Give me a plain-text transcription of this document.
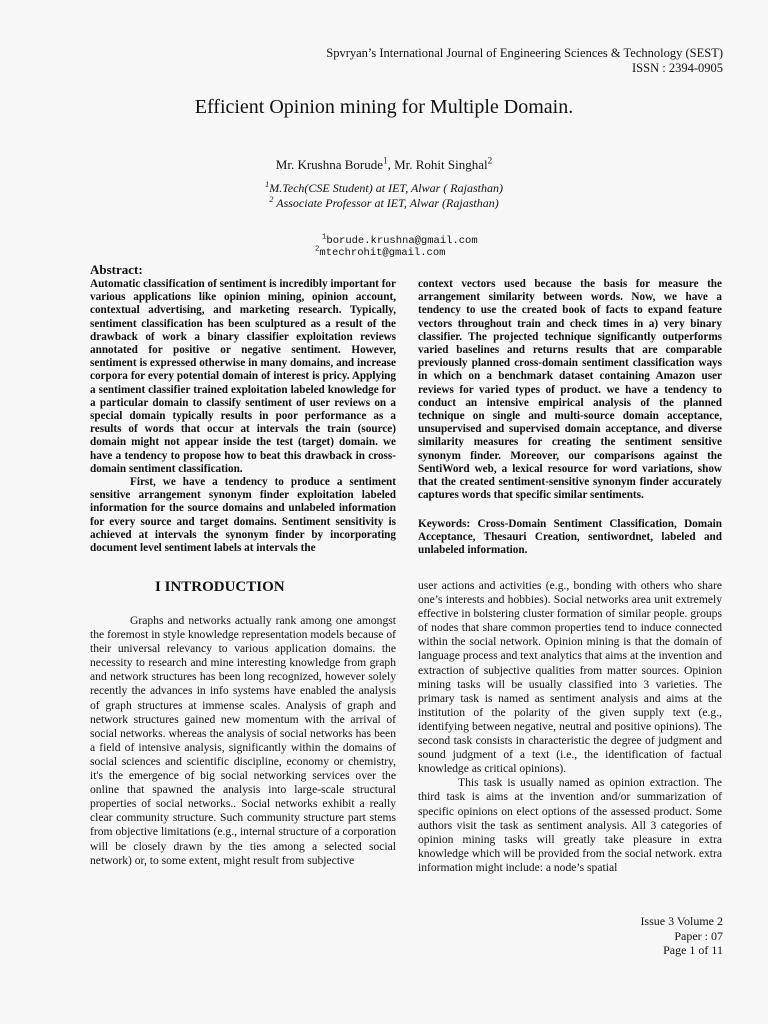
Spvryan’s International Journal of Engineering Sciences & Technology (SEST)
ISSN : 2394-0905
Efficient Opinion mining for Multiple Domain.
Mr. Krushna Borude$^1$, Mr. Rohit Singhal$^2$
$^1$M.Tech(CSE Student) at IET, Alwar ( Rajasthan)
$^2$ Associate Professor at IET, Alwar (Rajasthan)
$^1$borude.krushna@gmail.com
$^2$mtechrohit@gmail.com
Abstract:

Automatic classification of sentiment is incredibly important for various applications like opinion mining, opinion account, contextual advertising, and marketing research. Typically, sentiment classification has been sculptured as a result of the drawback of work a binary classifier exploitation reviews annotated for positive or negative sentiment. However, sentiment is expressed otherwise in many domains, and increase corpora for every potential domain of interest is pricy. Applying a sentiment classifier trained exploitation labeled knowledge for a particular domain to classify sentiment of user reviews on a special domain typically results in poor performance as a results of words that occur at intervals the train (source) domain might not appear inside the test (target) domain. we have a tendency to propose how to beat this drawback in cross-domain sentiment classification.

First, we have a tendency to produce a sentiment sensitive arrangement synonym finder exploitation labeled information for the source domains and unlabeled information for every source and target domains. Sentiment sensitivity is achieved at intervals the synonym finder by incorporating document level sentiment labels at intervals the

context vectors used because the basis for measure the arrangement similarity between words. Now, we have a tendency to use the created book of facts to expand feature vectors throughout train and check times in a) very binary classifier. The projected technique significantly outperforms varied baselines and returns results that are comparable previously planned cross-domain sentiment classification ways in which on a benchmark dataset containing Amazon user reviews for varied types of product. we have a tendency to conduct an intensive empirical analysis of the planned technique on single and multi-source domain acceptance, unsupervised and supervised domain acceptance, and diverse similarity measures for creating the sentiment sensitive synonym finder. Moreover, our comparisons against the SentiWord web, a lexical resource for word variations, show that the created sentiment-sensitive synonym finder accurately captures words that specific similar sentiments.

Keywords: Cross-Domain Sentiment Classification, Domain Acceptance, Thesauri Creation, sentiwordnet, labeled and unlabeled information.
I INTRODUCTION

Graphs and networks actually rank among one amongst the foremost in style knowledge representation models because of their universal relevancy to various application domains. the necessity to research and mine interesting knowledge from graph and network structures has been long recognized, however solely recently the advances in info systems have enabled the analysis of graph structures at immense scales. Analysis of graph and network structures gained new momentum with the arrival of social networks. whereas the analysis of social networks has been a field of intensive analysis, significantly within the domains of social sciences and scientific discipline, economy or chemistry, it's the emergence of big social networking services over the online that spawned the analysis into large-scale structural properties of social networks.. Social networks exhibit a really clear community structure. Such community structure part stems from objective limitations (e.g., internal structure of a corporation will be closely drawn by the ties among a selected social network) or, to some extent, might result from subjective

user actions and activities (e.g., bonding with others who share one’s interests and hobbies). Social networks area unit extremely effective in bolstering cluster formation of similar people. groups of nodes that share common properties tend to induce connected within the social network. Opinion mining is that the domain of language process and text analytics that aims at the invention and extraction of subjective qualities from matter sources. Opinion mining tasks will be usually classified into 3 varieties. The primary task is named as sentiment analysis and aims at the institution of the polarity of the given supply text (e.g., identifying between negative, neutral and positive opinions). The second task consists in characteristic the degree of judgment and sound judgment of a text (i.e., the identification of factual knowledge as critical opinions).

This task is usually named as opinion extraction. The third task is aims at the invention and/or summarization of specific opinions on elect options of the assessed product. Some authors visit the task as sentiment analysis. All 3 categories of opinion mining tasks will greatly take pleasure in extra knowledge which will be provided from the social network. extra information might include: a node’s spatial

Issue 3 Volume 2
Paper : 07
Page 1 of 11
